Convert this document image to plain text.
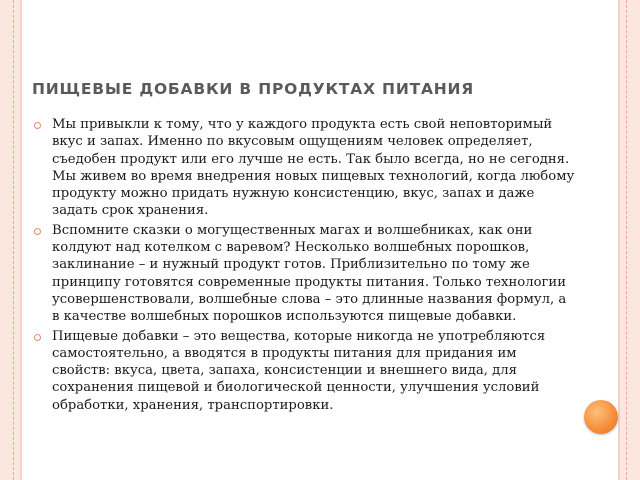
ПИЩЕВЫЕ ДОБАВКИ В ПРОДУКТАХ ПИТАНИЯ
Мы привыкли к тому, что у каждого продукта есть свой неповторимый вкус и запах. Именно по вкусовым ощущениям человек определяет, съедобен продукт или его лучше не есть. Так было всегда, но не сегодня. Мы живем во время внедрения новых пищевых технологий, когда любому продукту можно придать нужную консистенцию, вкус, запах и даже задать срок хранения.
Вспомните сказки о могущественных магах и волшебниках, как они колдуют над котелком с варевом? Несколько волшебных порошков, заклинание – и нужный продукт готов. Приблизительно по тому же принципу готовятся современные продукты питания. Только технологии усовершенствовали, волшебные слова – это длинные названия формул, а в качестве волшебных порошков используются пищевые добавки.
Пищевые добавки – это вещества, которые никогда не употребляются самостоятельно, а вводятся в продукты питания для придания им свойств: вкуса, цвета, запаха, консистенции и внешнего вида, для сохранения пищевой и биологической ценности, улучшения условий обработки, хранения, транспортировки.
